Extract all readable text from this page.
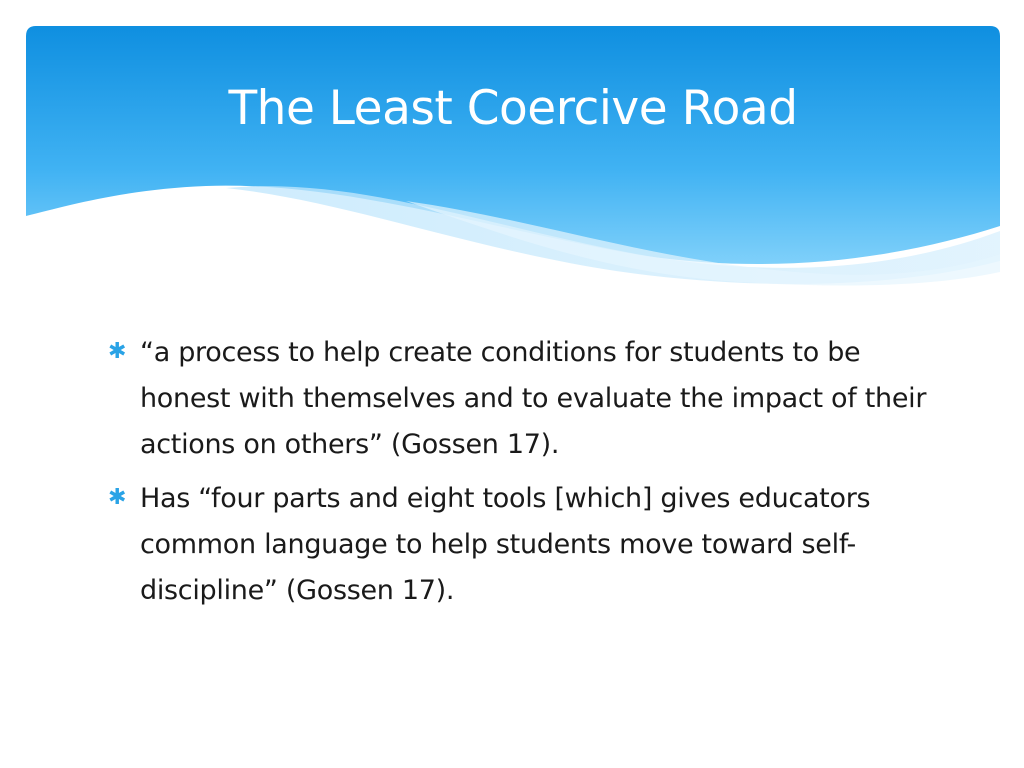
The Least Coercive Road
✱ “a process to help create conditions for students to be honest with themselves and to evaluate the impact of their actions on others” (Gossen 17).
✱ Has “four parts and eight tools [which] gives educators common language to help students move toward self-discipline” (Gossen 17).
